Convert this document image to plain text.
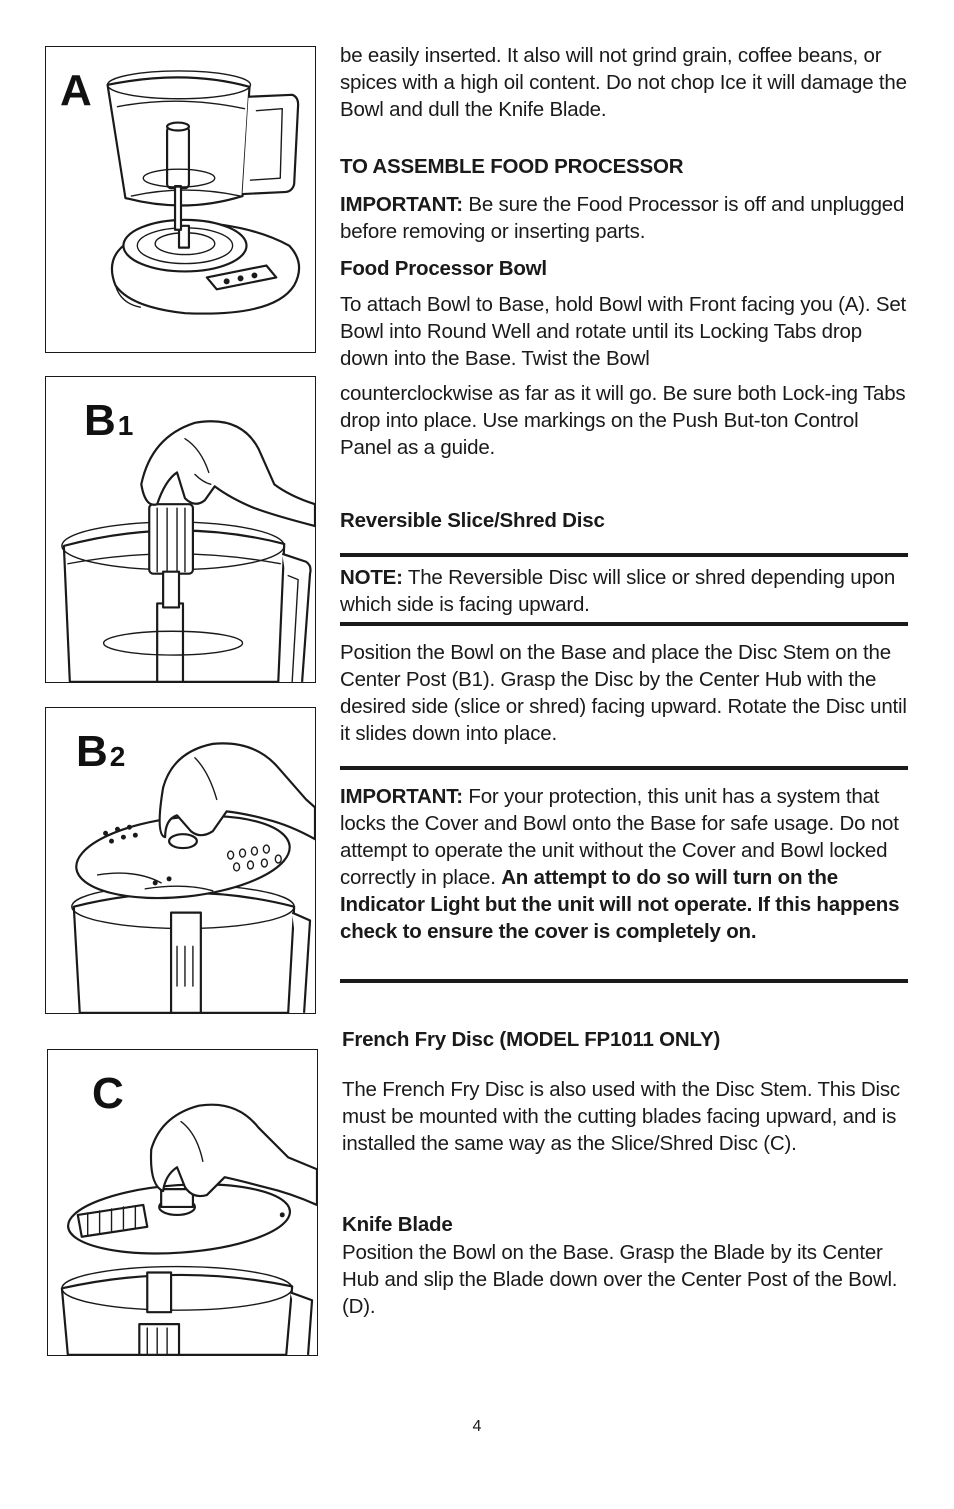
A
B1
B2
C

be easily inserted. It also will not grind grain, coffee beans, or spices with a high oil content. Do not chop Ice it will damage the Bowl and dull the Knife Blade.

TO ASSEMBLE FOOD PROCESSOR

IMPORTANT: Be sure the Food Processor is off and unplugged before removing or inserting parts.

Food Processor Bowl

To attach Bowl to Base, hold Bowl with Front facing you (A). Set Bowl into Round Well and rotate until its Locking Tabs drop down into the Base. Twist the Bowl

counterclockwise as far as it will go. Be sure both Lock-ing Tabs drop into place. Use markings on the Push But-ton Control Panel as a guide.

Reversible Slice/Shred Disc

NOTE: The Reversible Disc will slice or shred depending upon which side is facing upward.

Position the Bowl on the Base and place the Disc Stem on the Center Post (B1). Grasp the Disc by the Center Hub with the desired side (slice or shred) facing upward. Rotate the Disc until it slides down into place.

IMPORTANT: For your protection, this unit has a system that locks the Cover and Bowl onto the Base for safe usage. Do not attempt to operate the unit without the Cover and Bowl locked correctly in place. An attempt to do so will turn on the Indicator Light but the unit will not operate. If this happens check to ensure the cover is completely on.

French Fry Disc (MODEL FP1011 ONLY)

The French Fry Disc is also used with the Disc Stem. This Disc must be mounted with the cutting blades facing upward, and is installed the same way as the Slice/Shred Disc (C).

Knife Blade

Position the Bowl on the Base. Grasp the Blade by its Center Hub and slip the Blade down over the Center Post of the Bowl. (D).

4
